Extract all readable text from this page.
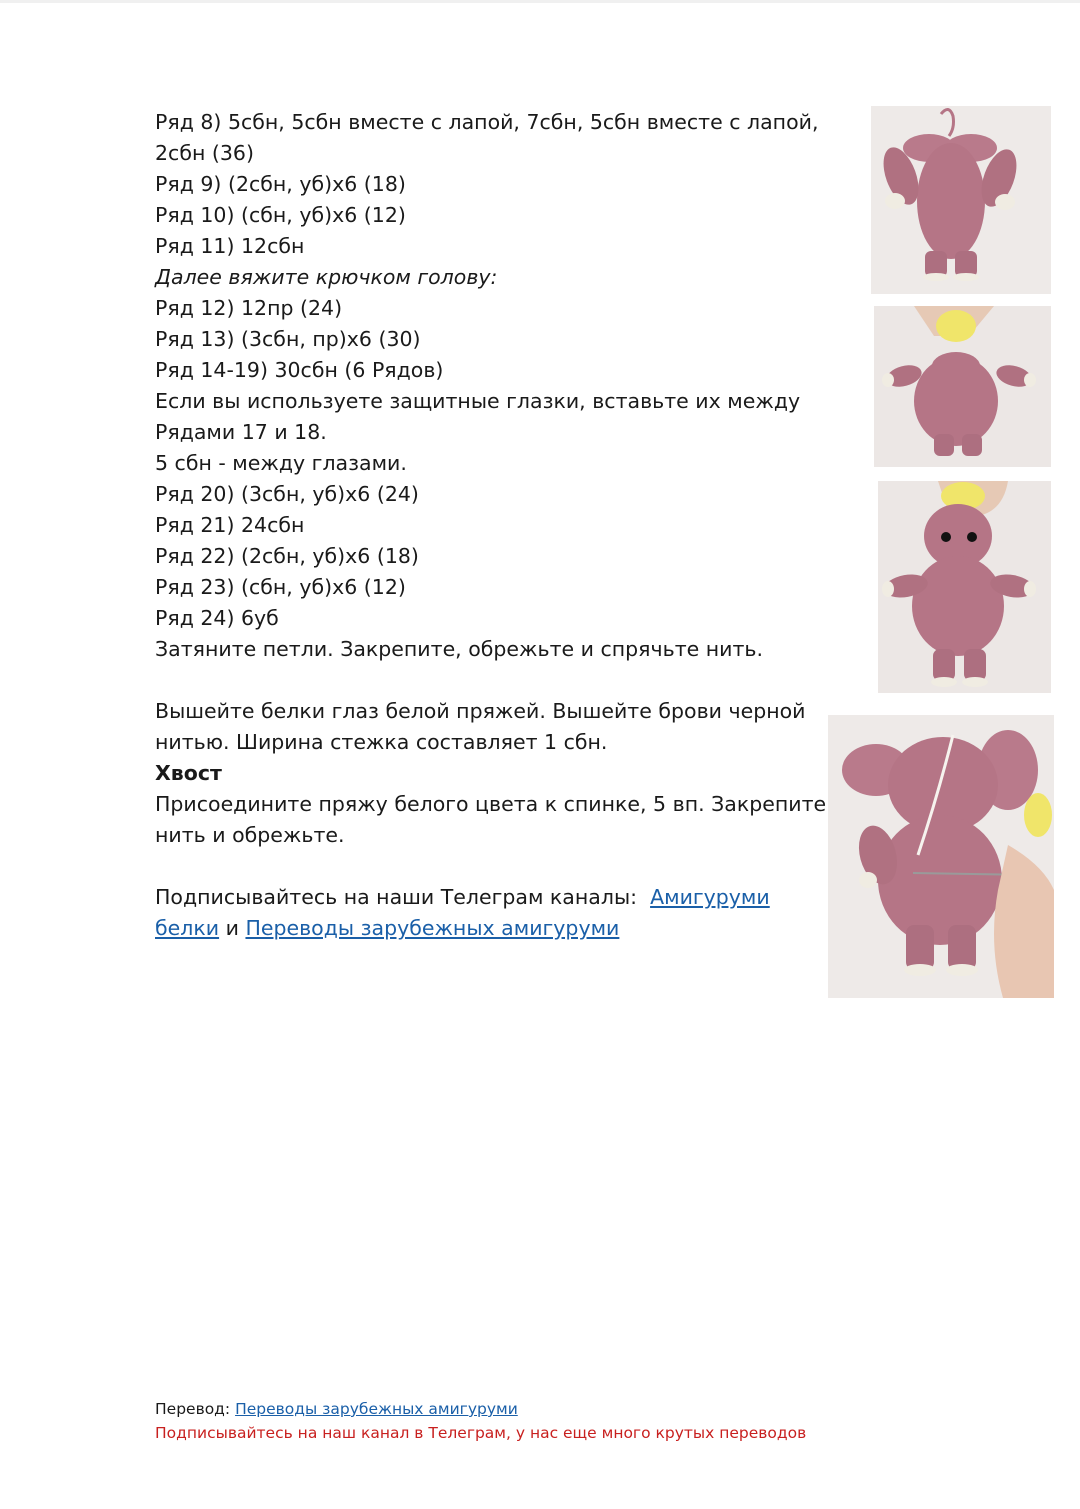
Ряд 8) 5сбн, 5сбн вместе с лапой, 7сбн, 5сбн вместе с лапой,
2сбн (36)
Ряд 9) (2сбн, уб)х6 (18)
Ряд 10) (сбн, уб)х6 (12)
Ряд 11) 12сбн
Далее вяжите крючком голову:
Ряд 12) 12пр (24)
Ряд 13) (3сбн, пр)х6 (30)
Ряд 14-19) 30сбн (6 Рядов)
Если вы используете защитные глазки, вставьте их между
Рядами 17 и 18.
5 сбн - между глазами.
Ряд 20) (3сбн, уб)х6 (24)
Ряд 21) 24сбн
Ряд 22) (2сбн, уб)х6 (18)
Ряд 23) (сбн, уб)х6 (12)
Ряд 24) 6уб
Затяните петли. Закрепите, обрежьте и спрячьте нить.
Вышейте белки глаз белой пряжей. Вышейте брови черной
нитью. Ширина стежка составляет 1 сбн.
Хвост
Присоедините пряжу белого цвета к спинке, 5 вп. Закрепите
нить и обрежьте.
Подписывайтесь на наши Телеграм каналы: Амигуруми
белки и Переводы зарубежных амигуруми
Перевод: Переводы зарубежных амигуруми
Подписывайтесь на наш канал в Телеграм, у нас еще много крутых переводов
